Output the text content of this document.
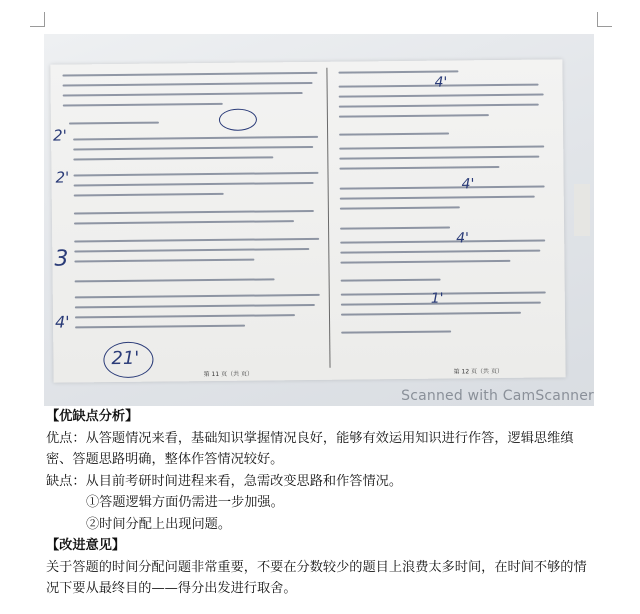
2'
2'
3
4'
21'
4'
4'
4'
1'
第 11 页（共 页）	第 12 页（共 页）
Scanned with CamScanner

【优缺点分析】

优点：从答题情况来看，基础知识掌握情况良好，能够有效运用知识进行作答，逻辑思维缜密、答题思路明确，整体作答情况较好。

缺点：从目前考研时间进程来看，急需改变思路和作答情况。

①答题逻辑方面仍需进一步加强。

②时间分配上出现问题。

【改进意见】

关于答题的时间分配问题非常重要，不要在分数较少的题目上浪费太多时间，在时间不够的情况下要从最终目的——得分出发进行取舍。
